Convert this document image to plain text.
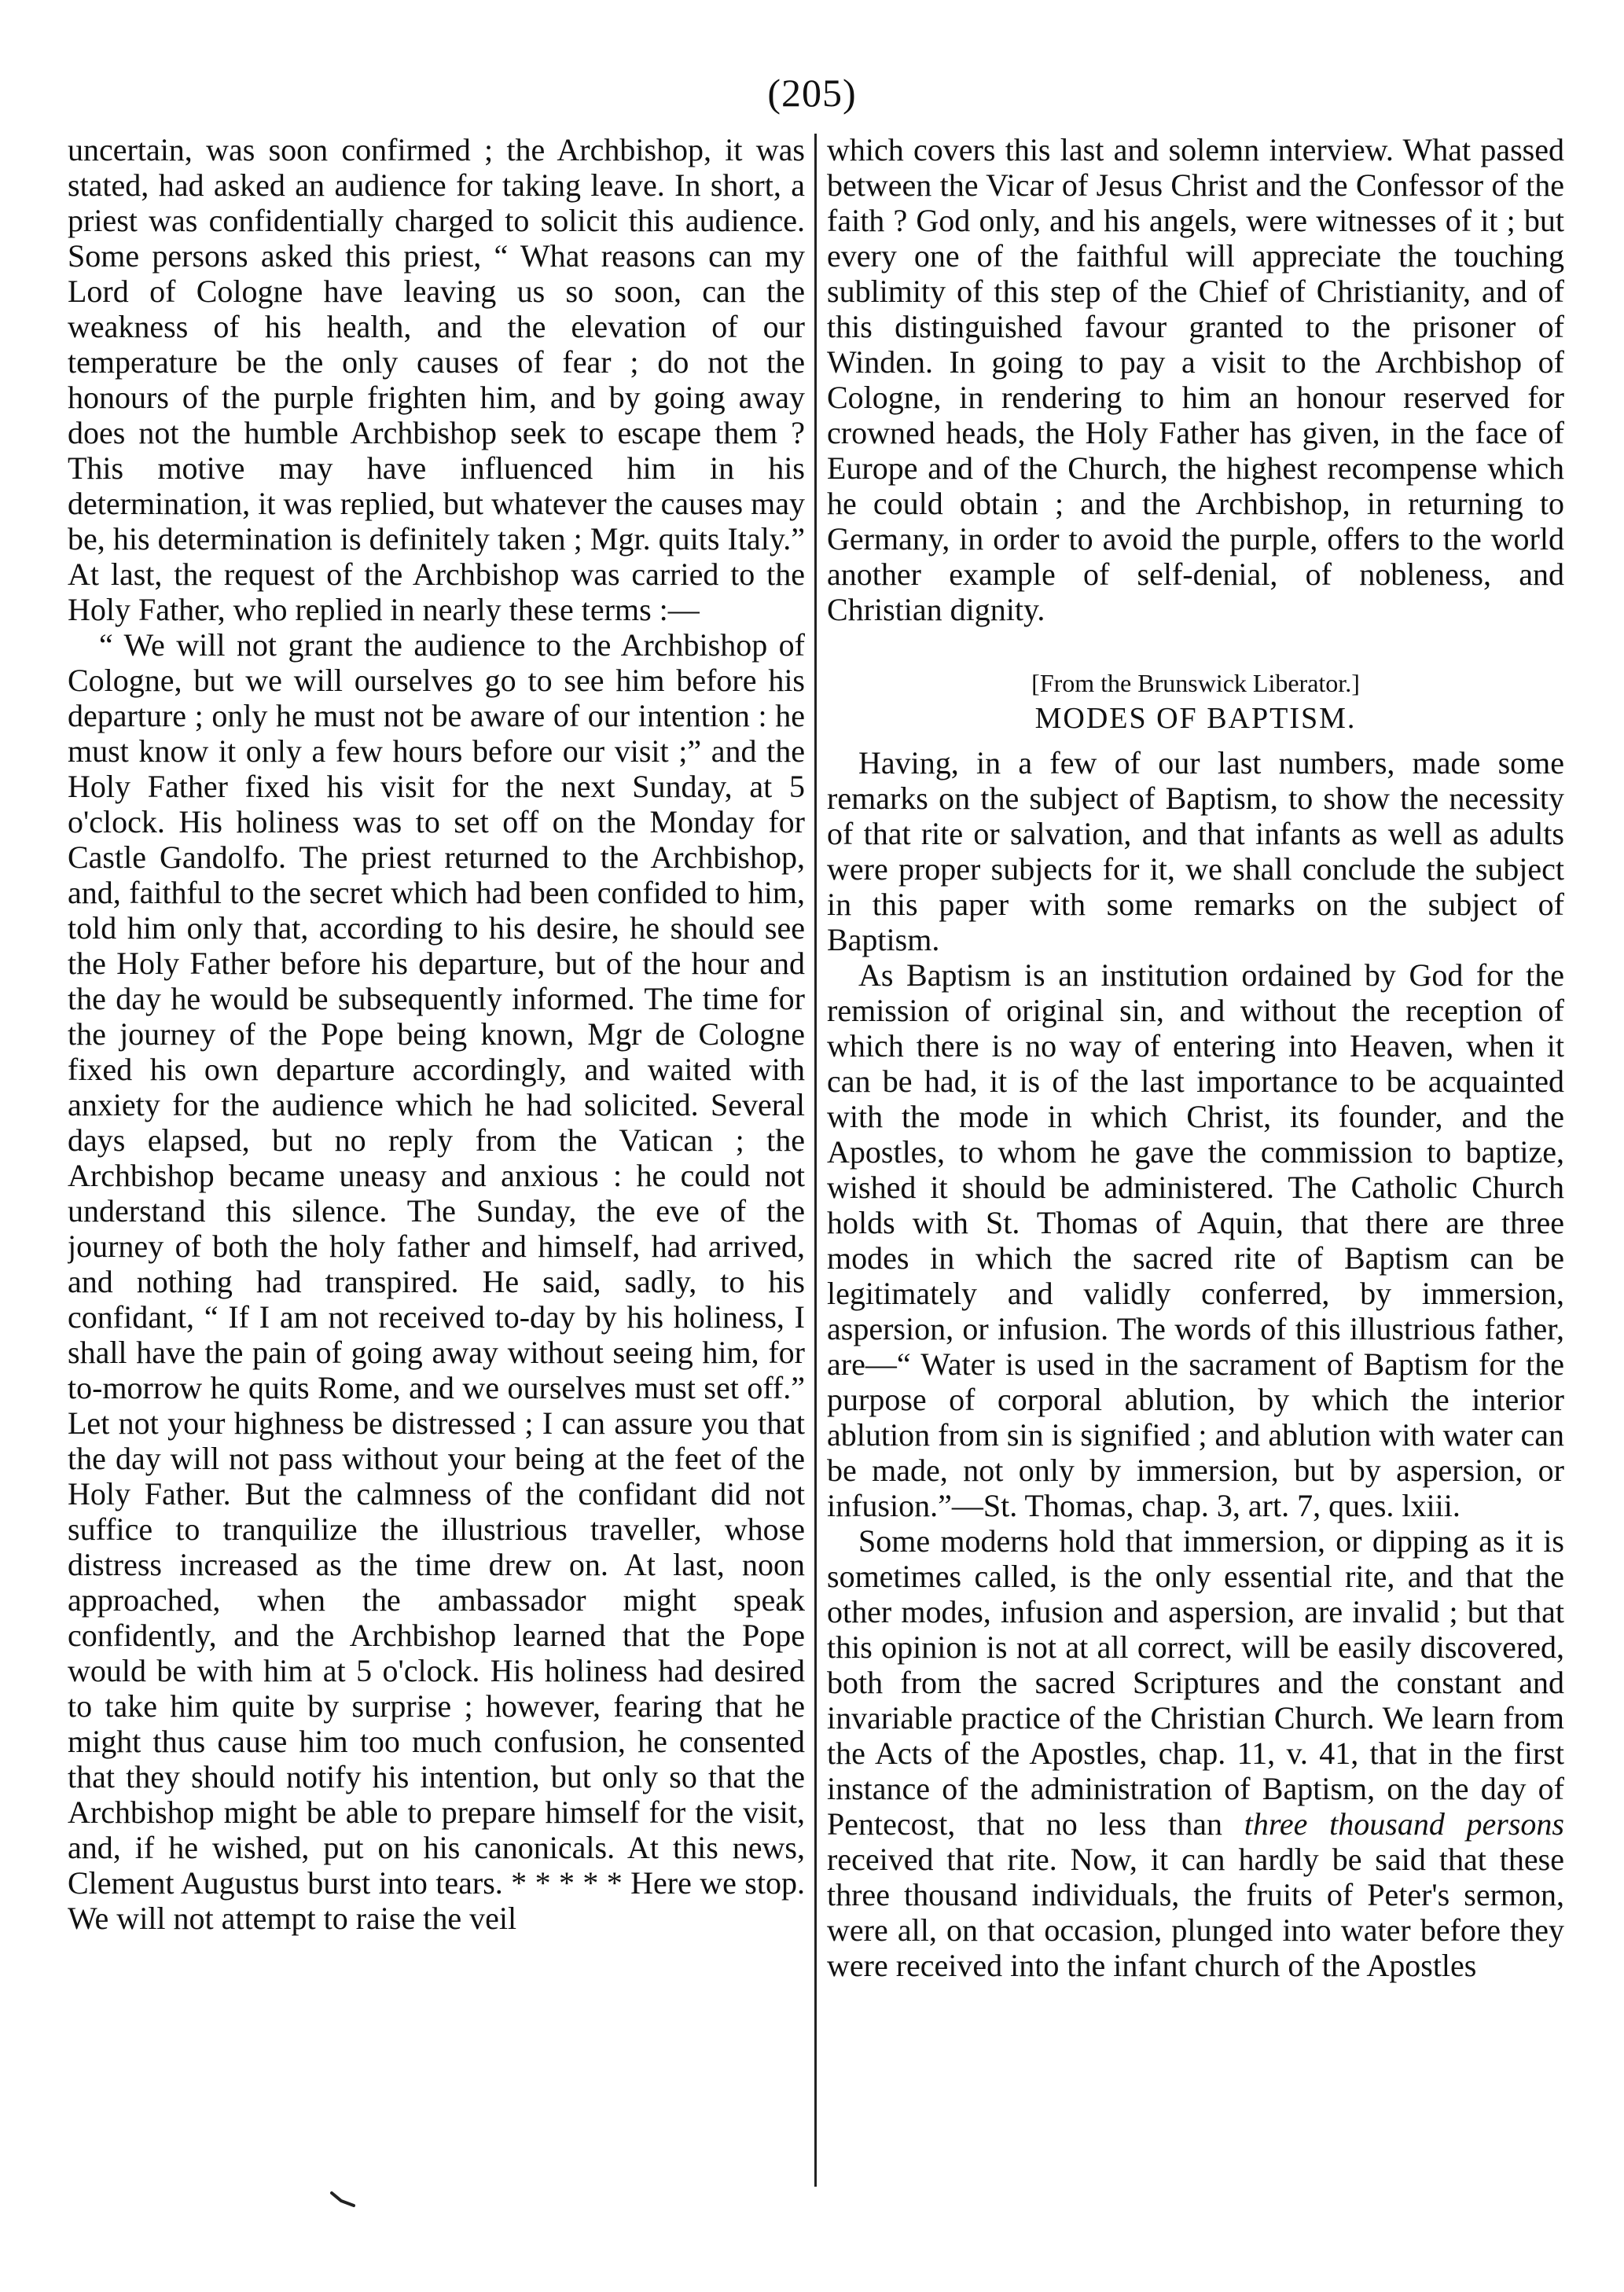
(205)

uncertain, was soon confirmed ; the Archbishop, it was stated, had asked an audience for taking leave. In short, a priest was confidentially charged to solicit this audience. Some persons asked this priest, “ What reasons can my Lord of Cologne have leaving us so soon, can the weakness of his health, and the elevation of our temperature be the only causes of fear ; do not the honours of the purple frighten him, and by going away does not the humble Archbishop seek to escape them ? This motive may have influenced him in his determination, it was replied, but whatever the causes may be, his determination is definitely taken ; Mgr. quits Italy.” At last, the request of the Archbishop was carried to the Holy Father, who replied in nearly these terms :—

“ We will not grant the audience to the Archbishop of Cologne, but we will ourselves go to see him before his departure ; only he must not be aware of our intention : he must know it only a few hours before our visit ;” and the Holy Father fixed his visit for the next Sunday, at 5 o'clock. His holiness was to set off on the Monday for Castle Gandolfo. The priest returned to the Archbishop, and, faithful to the secret which had been confided to him, told him only that, according to his desire, he should see the Holy Father before his departure, but of the hour and the day he would be subsequently informed. The time for the journey of the Pope being known, Mgr de Cologne fixed his own departure accordingly, and waited with anxiety for the audience which he had solicited. Several days elapsed, but no reply from the Vatican ; the Archbishop became uneasy and anxious : he could not understand this silence. The Sunday, the eve of the journey of both the holy father and himself, had arrived, and nothing had transpired. He said, sadly, to his confidant, “ If I am not received to-day by his holiness, I shall have the pain of going away without seeing him, for to-morrow he quits Rome, and we ourselves must set off.” Let not your highness be distressed ; I can assure you that the day will not pass without your being at the feet of the Holy Father. But the calmness of the confidant did not suffice to tranquilize the illustrious traveller, whose distress increased as the time drew on. At last, noon approached, when the ambassador might speak confidently, and the Archbishop learned that the Pope would be with him at 5 o'clock. His holiness had desired to take him quite by surprise ; however, fearing that he might thus cause him too much confusion, he consented that they should notify his intention, but only so that the Archbishop might be able to prepare himself for the visit, and, if he wished, put on his canonicals. At this news, Clement Augustus burst into tears. * * * * * Here we stop. We will not attempt to raise the veil

which covers this last and solemn interview. What passed between the Vicar of Jesus Christ and the Confessor of the faith ? God only, and his angels, were witnesses of it ; but every one of the faithful will appreciate the touching sublimity of this step of the Chief of Christianity, and of this distinguished favour granted to the prisoner of Winden. In going to pay a visit to the Archbishop of Cologne, in rendering to him an honour reserved for crowned heads, the Holy Father has given, in the face of Europe and of the Church, the highest recompense which he could obtain ; and the Archbishop, in returning to Germany, in order to avoid the purple, offers to the world another example of self-denial, of nobleness, and Christian dignity.

[From the Brunswick Liberator.]

MODES OF BAPTISM.

Having, in a few of our last numbers, made some remarks on the subject of Baptism, to show the necessity of that rite or salvation, and that infants as well as adults were proper subjects for it, we shall conclude the subject in this paper with some remarks on the subject of Baptism.

As Baptism is an institution ordained by God for the remission of original sin, and without the reception of which there is no way of entering into Heaven, when it can be had, it is of the last importance to be acquainted with the mode in which Christ, its founder, and the Apostles, to whom he gave the commission to baptize, wished it should be administered. The Catholic Church holds with St. Thomas of Aquin, that there are three modes in which the sacred rite of Baptism can be legitimately and validly conferred, by immersion, aspersion, or infusion. The words of this illustrious father, are—“ Water is used in the sacrament of Baptism for the purpose of corporal ablution, by which the interior ablution from sin is signified ; and ablution with water can be made, not only by immersion, but by aspersion, or infusion.”—St. Thomas, chap. 3, art. 7, ques. lxiii.

Some moderns hold that immersion, or dipping as it is sometimes called, is the only essential rite, and that the other modes, infusion and aspersion, are invalid ; but that this opinion is not at all correct, will be easily discovered, both from the sacred Scriptures and the constant and invariable practice of the Christian Church. We learn from the Acts of the Apostles, chap. 11, v. 41, that in the first instance of the administration of Baptism, on the day of Pentecost, that no less than three thousand persons received that rite. Now, it can hardly be said that these three thousand individuals, the fruits of Peter's sermon, were all, on that occasion, plunged into water before they were received into the infant church of the Apostles
